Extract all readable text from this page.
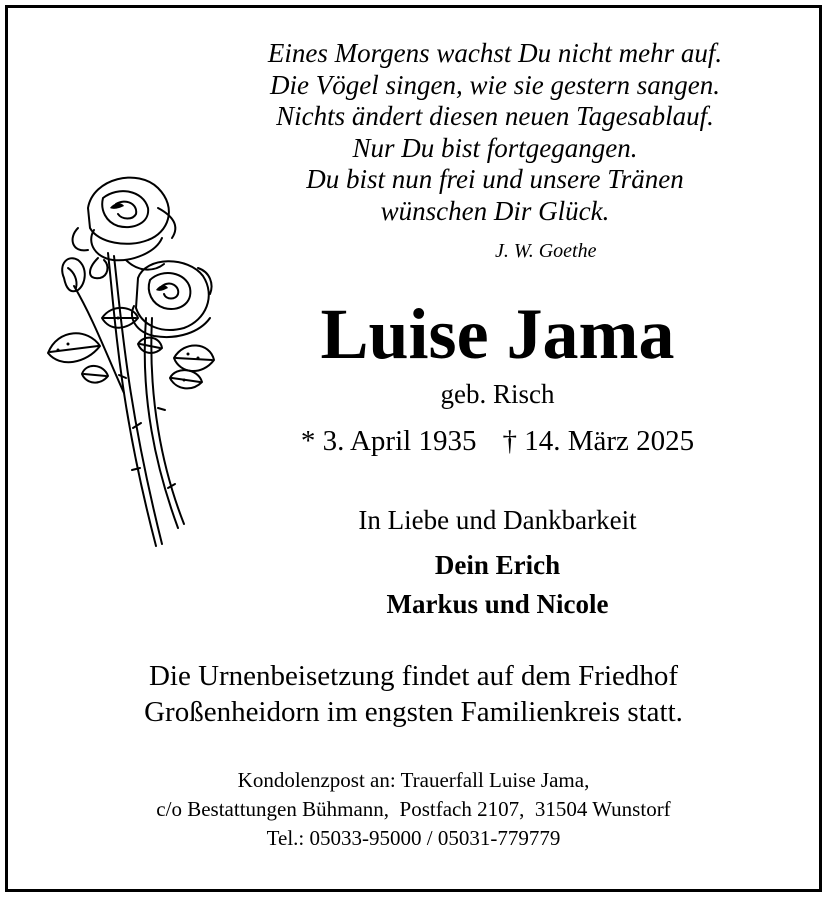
Eines Morgens wachst Du nicht mehr auf.
Die Vögel singen, wie sie gestern sangen.
Nichts ändert diesen neuen Tagesablauf.
Nur Du bist fortgegangen.
Du bist nun frei und unsere Tränen
wünschen Dir Glück.
J. W. Goethe
Luise Jama
geb. Risch
* 3. April 1935 † 14. März 2025
In Liebe und Dankbarkeit
Dein Erich
Markus und Nicole
Die Urnenbeisetzung findet auf dem Friedhof
Großenheidorn im engsten Familienkreis statt.
Kondolenzpost an: Trauerfall Luise Jama,
c/o Bestattungen Bühmann,  Postfach 2107,  31504 Wunstorf
Tel.: 05033-95000 / 05031-779779
